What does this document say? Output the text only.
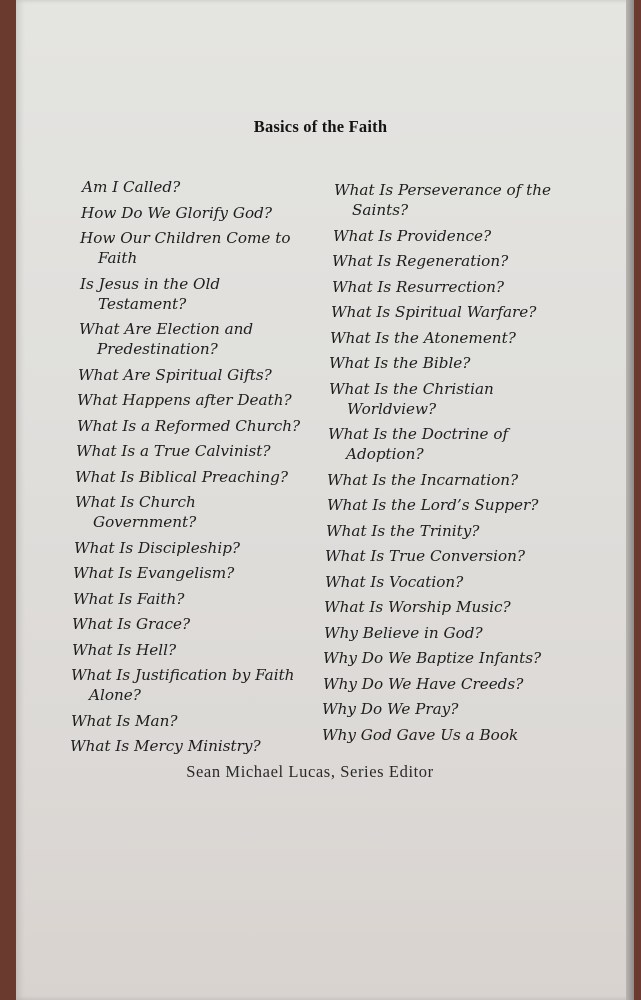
Basics of the Faith
Am I Called?
How Do We Glorify God?
How Our Children Come to Faith
Is Jesus in the Old Testament?
What Are Election and Predestination?
What Are Spiritual Gifts?
What Happens after Death?
What Is a Reformed Church?
What Is a True Calvinist?
What Is Biblical Preaching?
What Is Church Government?
What Is Discipleship?
What Is Evangelism?
What Is Faith?
What Is Grace?
What Is Hell?
What Is Justification by Faith Alone?
What Is Man?
What Is Mercy Ministry?
What Is Perseverance of the Saints?
What Is Providence?
What Is Regeneration?
What Is Resurrection?
What Is Spiritual Warfare?
What Is the Atonement?
What Is the Bible?
What Is the Christian Worldview?
What Is the Doctrine of Adoption?
What Is the Incarnation?
What Is the Lord’s Supper?
What Is the Trinity?
What Is True Conversion?
What Is Vocation?
What Is Worship Music?
Why Believe in God?
Why Do We Baptize Infants?
Why Do We Have Creeds?
Why Do We Pray?
Why God Gave Us a Book
Sean Michael Lucas, Series Editor
